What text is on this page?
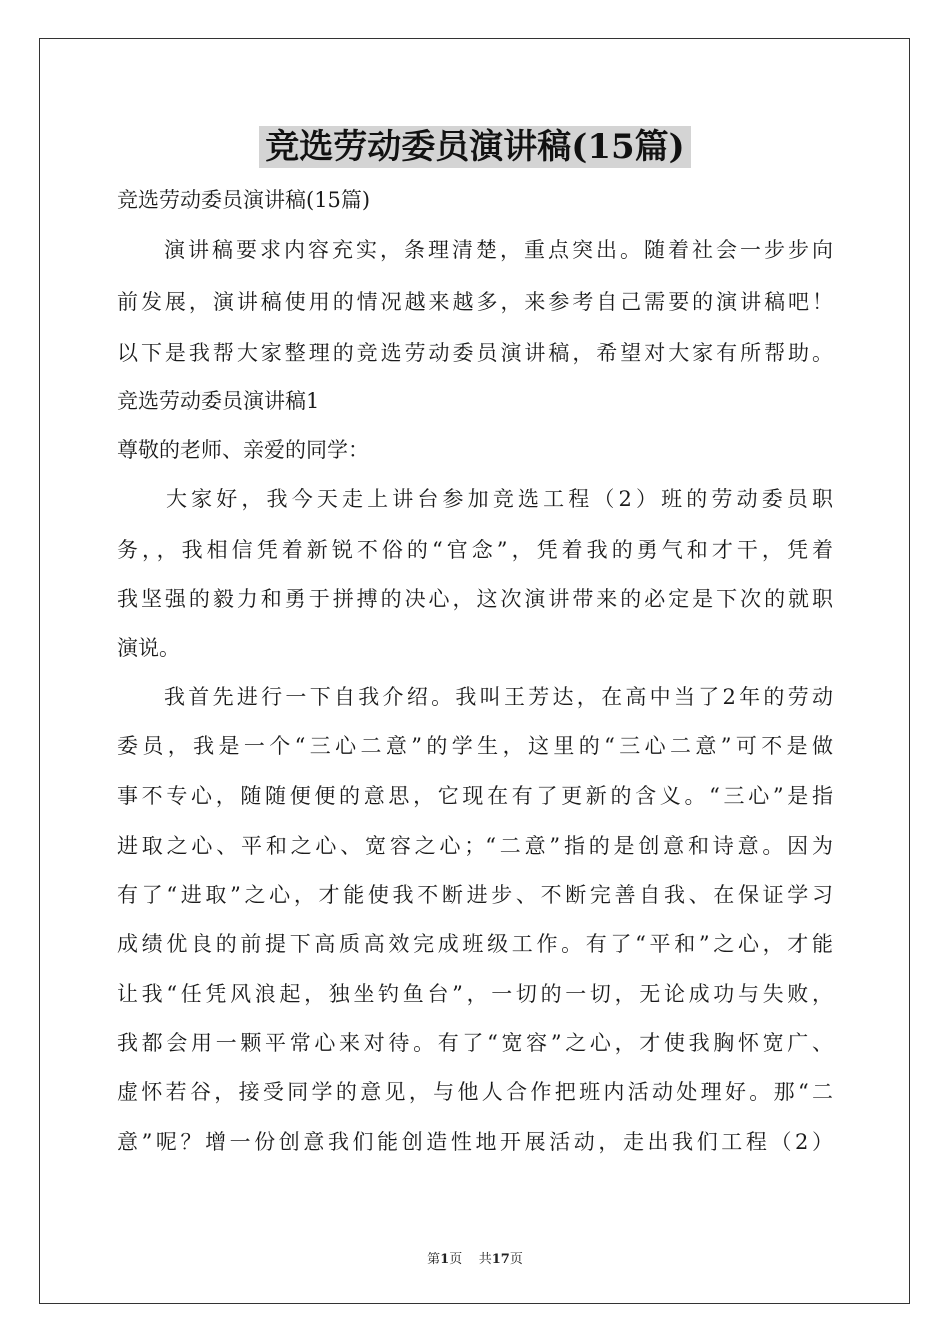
竞选劳动委员演讲稿(15篇)
竞选劳动委员演讲稿(15篇)
演讲稿要求内容充实，条理清楚，重点突出。随着社会一步步向
前发展，演讲稿使用的情况越来越多，来参考自己需要的演讲稿吧！
以下是我帮大家整理的竞选劳动委员演讲稿，希望对大家有所帮助。
竞选劳动委员演讲稿1
尊敬的老师、亲爱的同学：
大家好，我今天走上讲台参加竞选工程（2）班的劳动委员职
务，，我相信凭着新锐不俗的“官念”，凭着我的勇气和才干，凭着
我坚强的毅力和勇于拼搏的决心，这次演讲带来的必定是下次的就职
演说。
我首先进行一下自我介绍。我叫王芳达，在高中当了2年的劳动
委员，我是一个“三心二意”的学生，这里的“三心二意”可不是做
事不专心，随随便便的意思，它现在有了更新的含义。“三心”是指
进取之心、平和之心、宽容之心；“二意”指的是创意和诗意。因为
有了“进取”之心，才能使我不断进步、不断完善自我、在保证学习
成绩优良的前提下高质高效完成班级工作。有了“平和”之心，才能
让我“任凭风浪起，独坐钓鱼台”，一切的一切，无论成功与失败，
我都会用一颗平常心来对待。有了“宽容”之心，才使我胸怀宽广、
虚怀若谷，接受同学的意见，与他人合作把班内活动处理好。那“二
意”呢？增一份创意我们能创造性地开展活动，走出我们工程（2）
第1页 共17页
